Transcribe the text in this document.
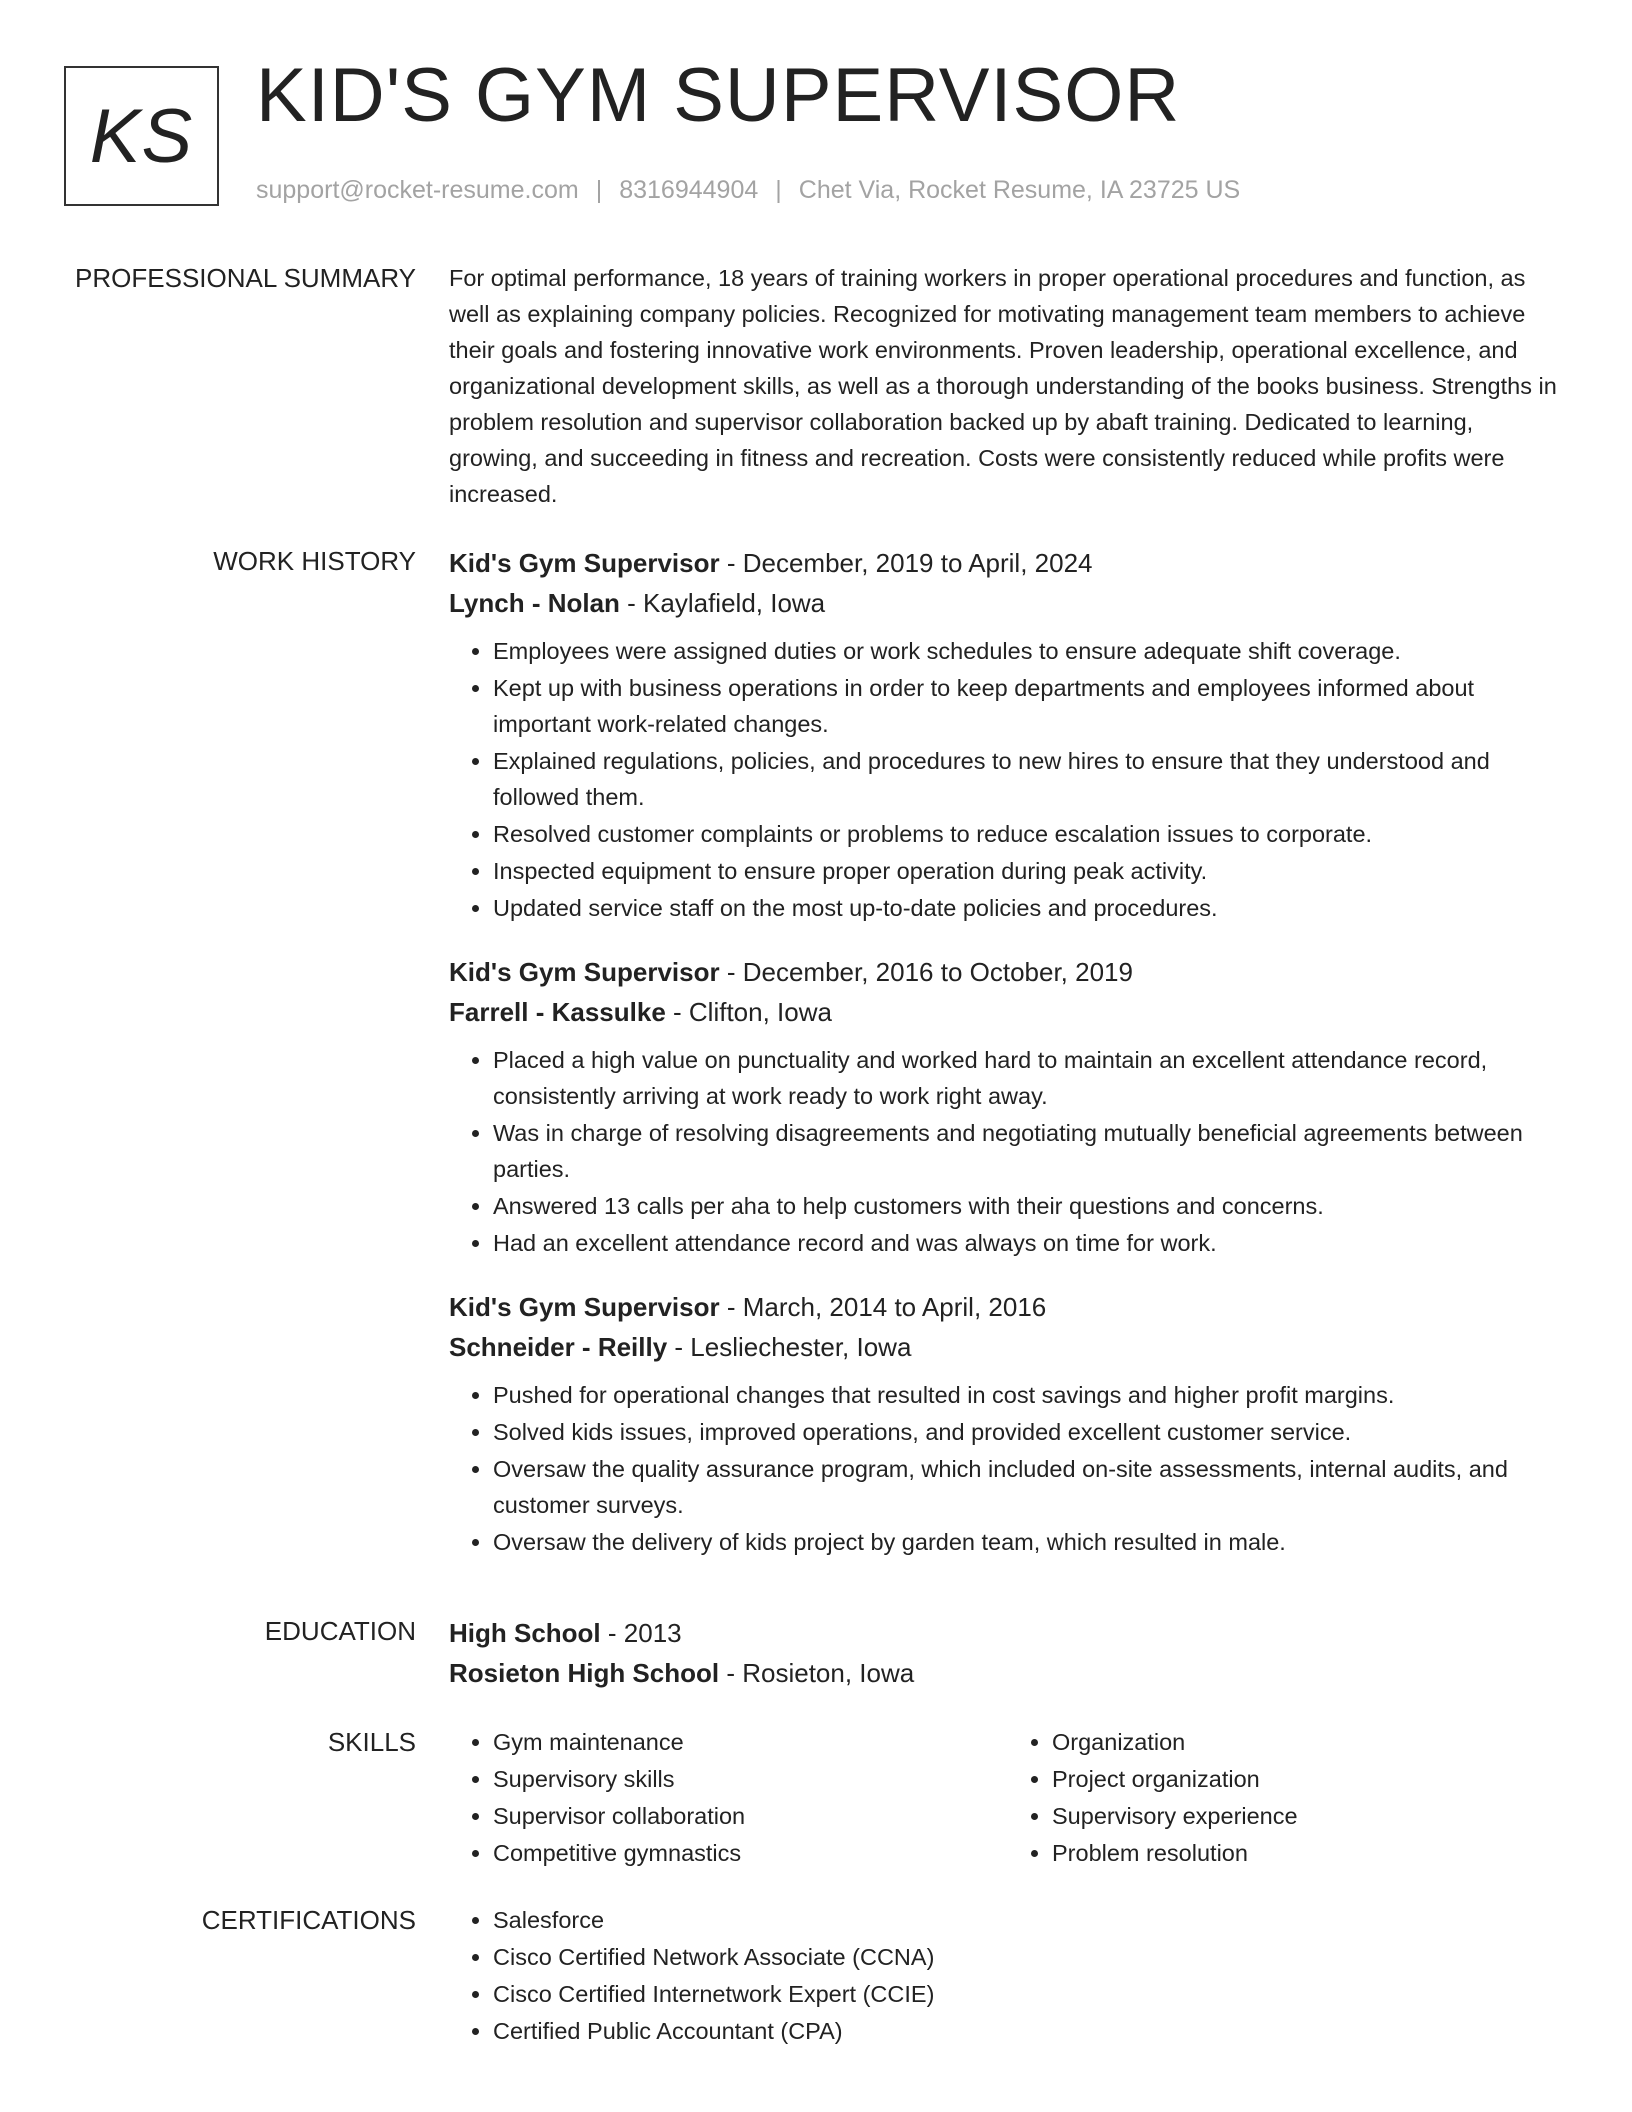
KS KID'S GYM SUPERVISOR
support@rocket-resume.com | 8316944904 | Chet Via, Rocket Resume, IA 23725 US
PROFESSIONAL SUMMARY For optimal performance, 18 years of training workers in proper operational procedures and function, as well as explaining company policies. Recognized for motivating management team members to achieve their goals and fostering innovative work environments. Proven leadership, operational excellence, and organizational development skills, as well as a thorough understanding of the books business. Strengths in problem resolution and supervisor collaboration backed up by abaft training. Dedicated to learning, growing, and succeeding in fitness and recreation. Costs were consistently reduced while profits were increased.

WORK HISTORY Kid's Gym Supervisor - December, 2019 to April, 2024
Lynch - Nolan - Kaylafield, Iowa
• Employees were assigned duties or work schedules to ensure adequate shift coverage.
• Kept up with business operations in order to keep departments and employees informed about important work-related changes.
• Explained regulations, policies, and procedures to new hires to ensure that they understood and followed them.
• Resolved customer complaints or problems to reduce escalation issues to corporate.
• Inspected equipment to ensure proper operation during peak activity.
• Updated service staff on the most up-to-date policies and procedures.
Kid's Gym Supervisor - December, 2016 to October, 2019
Farrell - Kassulke - Clifton, Iowa
• Placed a high value on punctuality and worked hard to maintain an excellent attendance record, consistently arriving at work ready to work right away.
• Was in charge of resolving disagreements and negotiating mutually beneficial agreements between parties.
• Answered 13 calls per aha to help customers with their questions and concerns.
• Had an excellent attendance record and was always on time for work.
Kid's Gym Supervisor - March, 2014 to April, 2016
Schneider - Reilly - Lesliechester, Iowa
• Pushed for operational changes that resulted in cost savings and higher profit margins.
• Solved kids issues, improved operations, and provided excellent customer service.
• Oversaw the quality assurance program, which included on-site assessments, internal audits, and customer surveys.
• Oversaw the delivery of kids project by garden team, which resulted in male.
EDUCATION High School - 2013
Rosieton High School - Rosieton, Iowa
SKILLS	• Gym maintenance
• Supervisory skills
• Supervisor collaboration
• Competitive gymnastics
• Organization
• Project organization
• Supervisory experience
• Problem resolution
CERTIFICATIONS	• Salesforce
• Cisco Certified Network Associate (CCNA)
• Cisco Certified Internetwork Expert (CCIE)
• Certified Public Accountant (CPA)
